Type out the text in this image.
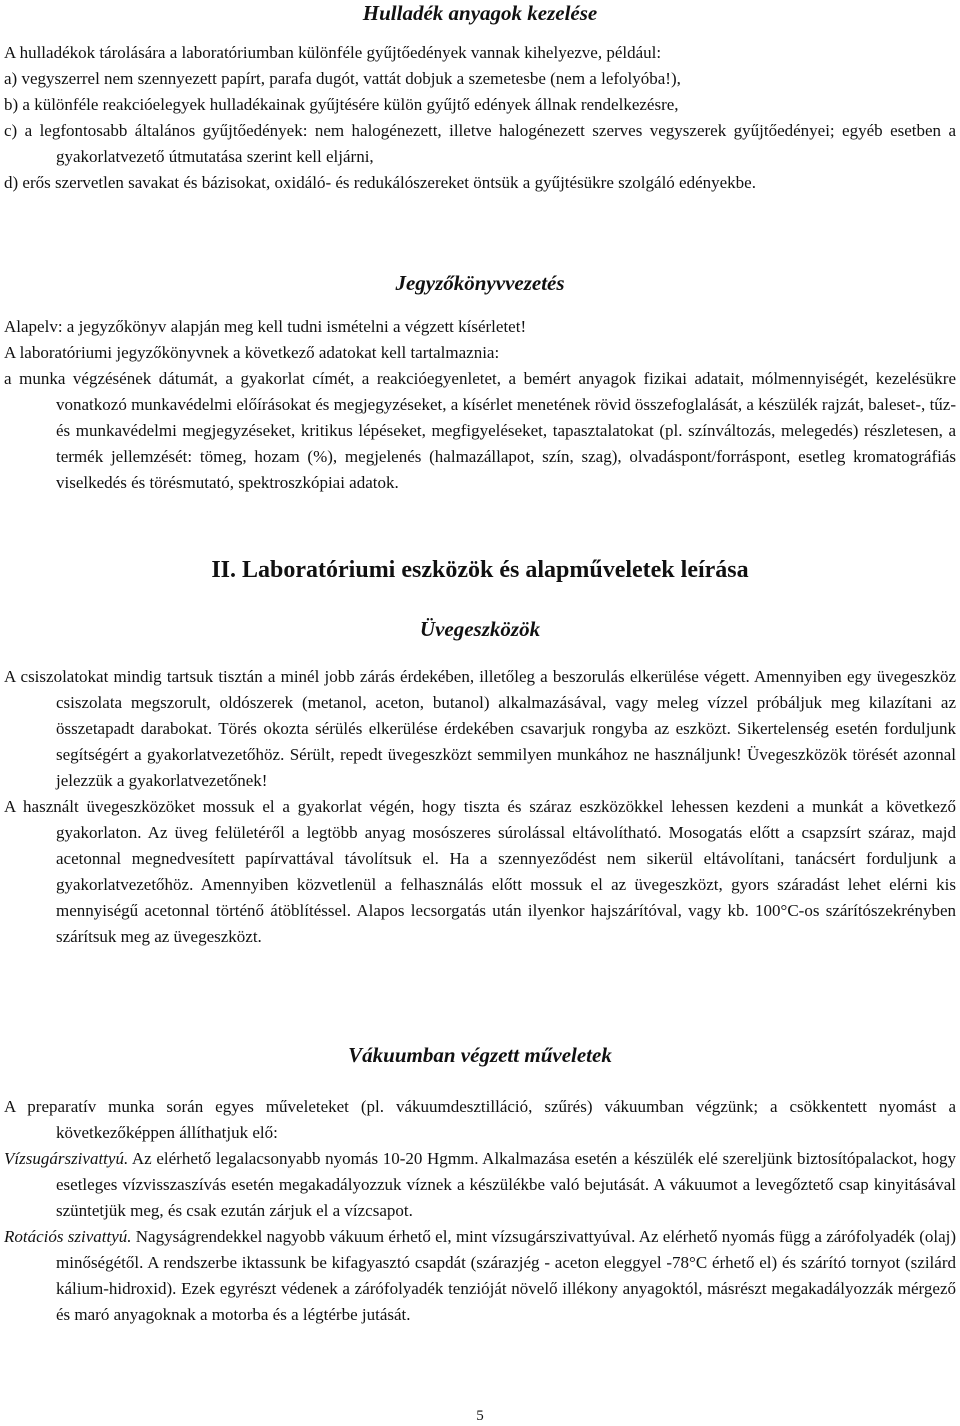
Hulladék anyagok kezelése

A hulladékok tárolására a laboratóriumban különféle gyűjtőedények vannak kihelyezve, például:

a) vegyszerrel nem szennyezett papírt, parafa dugót, vattát dobjuk a szemetesbe (nem a lefolyóba!),

b) a különféle reakcióelegyek hulladékainak gyűjtésére külön gyűjtő edények állnak rendelkezésre,

c) a legfontosabb általános gyűjtőedények: nem halogénezett, illetve halogénezett szerves vegyszerek gyűjtőedényei; egyéb esetben a gyakorlatvezető útmutatása szerint kell eljárni,

d) erős szervetlen savakat és bázisokat, oxidáló- és redukálószereket öntsük a gyűjtésükre szolgáló edényekbe.

Jegyzőkönyvvezetés

Alapelv: a jegyzőkönyv alapján meg kell tudni ismételni a végzett kísérletet!

A laboratóriumi jegyzőkönyvnek a következő adatokat kell tartalmaznia:

a munka végzésének dátumát, a gyakorlat címét, a reakcióegyenletet, a bemért anyagok fizikai adatait, mólmennyiségét, kezelésükre vonatkozó munkavédelmi előírásokat és megjegyzéseket, a kísérlet menetének rövid összefoglalását, a készülék rajzát, baleset-, tűz- és munkavédelmi megjegyzéseket, kritikus lépéseket, megfigyeléseket, tapasztalatokat (pl. színváltozás, melegedés) részletesen, a termék jellemzését: tömeg, hozam (%), megjelenés (halmazállapot, szín, szag), olvadáspont/forráspont, esetleg kromatográfiás viselkedés és törésmutató, spektroszkópiai adatok.

II. Laboratóriumi eszközök és alapműveletek leírása
Üvegeszközök

A csiszolatokat mindig tartsuk tisztán a minél jobb zárás érdekében, illetőleg a beszorulás elkerülése végett. Amennyiben egy üvegeszköz csiszolata megszorult, oldószerek (metanol, aceton, butanol) alkalmazásával, vagy meleg vízzel próbáljuk meg kilazítani az összetapadt darabokat. Törés okozta sérülés elkerülése érdekében csavarjuk rongyba az eszközt. Sikertelenség esetén forduljunk segítségért a gyakorlatvezetőhöz. Sérült, repedt üvegeszközt semmilyen munkához ne használjunk! Üvegeszközök törését azonnal jelezzük a gyakorlatvezetőnek!

A használt üvegeszközöket mossuk el a gyakorlat végén, hogy tiszta és száraz eszközökkel lehessen kezdeni a munkát a következő gyakorlaton. Az üveg felületéről a legtöbb anyag mosószeres súrolással eltávolítható. Mosogatás előtt a csapzsírt száraz, majd acetonnal megnedvesített papírvattával távolítsuk el. Ha a szennyeződést nem sikerül eltávolítani, tanácsért forduljunk a gyakorlatvezetőhöz. Amennyiben közvetlenül a felhasználás előtt mossuk el az üvegeszközt, gyors száradást lehet elérni kis mennyiségű acetonnal történő átöblítéssel. Alapos lecsorgatás után ilyenkor hajszárítóval, vagy kb. 100°C-os szárítószekrényben szárítsuk meg az üvegeszközt.

Vákuumban végzett műveletek

A preparatív munka során egyes műveleteket (pl. vákuumdesztilláció, szűrés) vákuumban végzünk; a csökkentett nyomást a következőképpen állíthatjuk elő:

Vízsugárszivattyú. Az elérhető legalacsonyabb nyomás 10-20 Hgmm. Alkalmazása esetén a készülék elé szereljünk biztosítópalackot, hogy esetleges vízvisszaszívás esetén megakadályozzuk víznek a készülékbe való bejutását. A vákuumot a levegőztető csap kinyitásával szüntetjük meg, és csak ezután zárjuk el a vízcsapot.

Rotációs szivattyú. Nagyságrendekkel nagyobb vákuum érhető el, mint vízsugárszivattyúval. Az elérhető nyomás függ a zárófolyadék (olaj) minőségétől. A rendszerbe iktassunk be kifagyasztó csapdát (szárazjég - aceton eleggyel -78°C érhető el) és szárító tornyot (szilárd kálium-hidroxid). Ezek egyrészt védenek a zárófolyadék tenzióját növelő illékony anyagoktól, másrészt megakadályozzák mérgező és maró anyagoknak a motorba és a légtérbe jutását.

5
